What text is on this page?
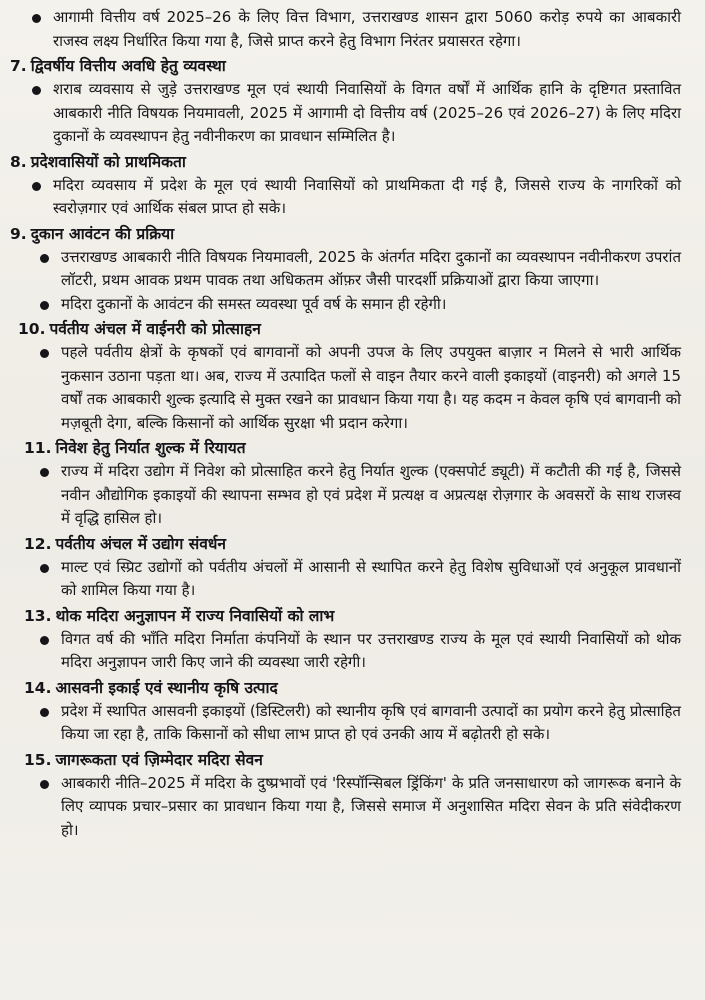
आगामी वित्तीय वर्ष 2025–26 के लिए वित्त विभाग, उत्तराखण्ड शासन द्वारा 5060 करोड़ रुपये का आबकारी राजस्व लक्ष्य निर्धारित किया गया है, जिसे प्राप्त करने हेतु विभाग निरंतर प्रयासरत रहेगा।
7. द्विवर्षीय वित्तीय अवधि हेतु व्यवस्था
शराब व्यवसाय से जुड़े उत्तराखण्ड मूल एवं स्थायी निवासियों के विगत वर्षों में आर्थिक हानि के दृष्टिगत प्रस्तावित आबकारी नीति विषयक नियमावली, 2025 में आगामी दो वित्तीय वर्ष (2025–26 एवं 2026–27) के लिए मदिरा दुकानों के व्यवस्थापन हेतु नवीनीकरण का प्रावधान सम्मिलित है।
8. प्रदेशवासियों को प्राथमिकता
मदिरा व्यवसाय में प्रदेश के मूल एवं स्थायी निवासियों को प्राथमिकता दी गई है, जिससे राज्य के नागरिकों को स्वरोज़गार एवं आर्थिक संबल प्राप्त हो सके।
9. दुकान आवंटन की प्रक्रिया
उत्तराखण्ड आबकारी नीति विषयक नियमावली, 2025 के अंतर्गत मदिरा दुकानों का व्यवस्थापन नवीनीकरण उपरांत लॉटरी, प्रथम आवक प्रथम पावक तथा अधिकतम ऑफ़र जैसी पारदर्शी प्रक्रियाओं द्वारा किया जाएगा।
मदिरा दुकानों के आवंटन की समस्त व्यवस्था पूर्व वर्ष के समान ही रहेगी।
10. पर्वतीय अंचल में वाईनरी को प्रोत्साहन
पहले पर्वतीय क्षेत्रों के कृषकों एवं बागवानों को अपनी उपज के लिए उपयुक्त बाज़ार न मिलने से भारी आर्थिक नुकसान उठाना पड़ता था। अब, राज्य में उत्पादित फलों से वाइन तैयार करने वाली इकाइयों (वाइनरी) को अगले 15 वर्षों तक आबकारी शुल्क इत्यादि से मुक्त रखने का प्रावधान किया गया है। यह कदम न केवल कृषि एवं बागवानी को मज़बूती देगा, बल्कि किसानों को आर्थिक सुरक्षा भी प्रदान करेगा।
11. निवेश हेतु निर्यात शुल्क में रियायत
राज्य में मदिरा उद्योग में निवेश को प्रोत्साहित करने हेतु निर्यात शुल्क (एक्सपोर्ट ड्यूटी) में कटौती की गई है, जिससे नवीन औद्योगिक इकाइयों की स्थापना सम्भव हो एवं प्रदेश में प्रत्यक्ष व अप्रत्यक्ष रोज़गार के अवसरों के साथ राजस्व में वृद्धि हासिल हो।
12. पर्वतीय अंचल में उद्योग संवर्धन
माल्ट एवं स्प्रिट उद्योगों को पर्वतीय अंचलों में आसानी से स्थापित करने हेतु विशेष सुविधाओं एवं अनुकूल प्रावधानों को शामिल किया गया है।
13. थोक मदिरा अनुज्ञापन में राज्य निवासियों को लाभ
विगत वर्ष की भाँति मदिरा निर्माता कंपनियों के स्थान पर उत्तराखण्ड राज्य के मूल एवं स्थायी निवासियों को थोक मदिरा अनुज्ञापन जारी किए जाने की व्यवस्था जारी रहेगी।
14. आसवनी इकाई एवं स्थानीय कृषि उत्पाद
प्रदेश में स्थापित आसवनी इकाइयों (डिस्टिलरी) को स्थानीय कृषि एवं बागवानी उत्पादों का प्रयोग करने हेतु प्रोत्साहित किया जा रहा है, ताकि किसानों को सीधा लाभ प्राप्त हो एवं उनकी आय में बढ़ोतरी हो सके।
15. जागरूकता एवं ज़िम्मेदार मदिरा सेवन
आबकारी नीति–2025 में मदिरा के दुष्प्रभावों एवं 'रिस्पॉन्सिबल ड्रिंकिंग' के प्रति जनसाधारण को जागरूक बनाने के लिए व्यापक प्रचार–प्रसार का प्रावधान किया गया है, जिससे समाज में अनुशासित मदिरा सेवन के प्रति संवेदीकरण हो।
